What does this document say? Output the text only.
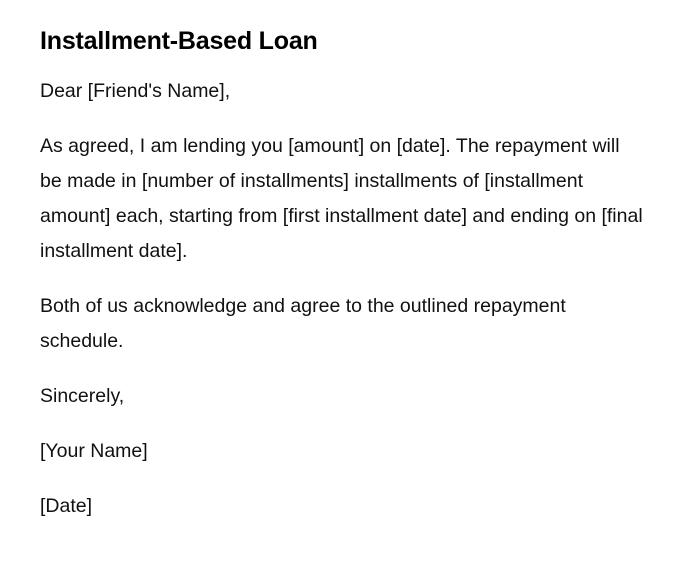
Installment-Based Loan

Dear [Friend's Name],

As agreed, I am lending you [amount] on [date]. The repayment will be made in [number of installments] installments of [installment amount] each, starting from [first installment date] and ending on [final installment date].

Both of us acknowledge and agree to the outlined repayment schedule.

Sincerely,

[Your Name]

[Date]
